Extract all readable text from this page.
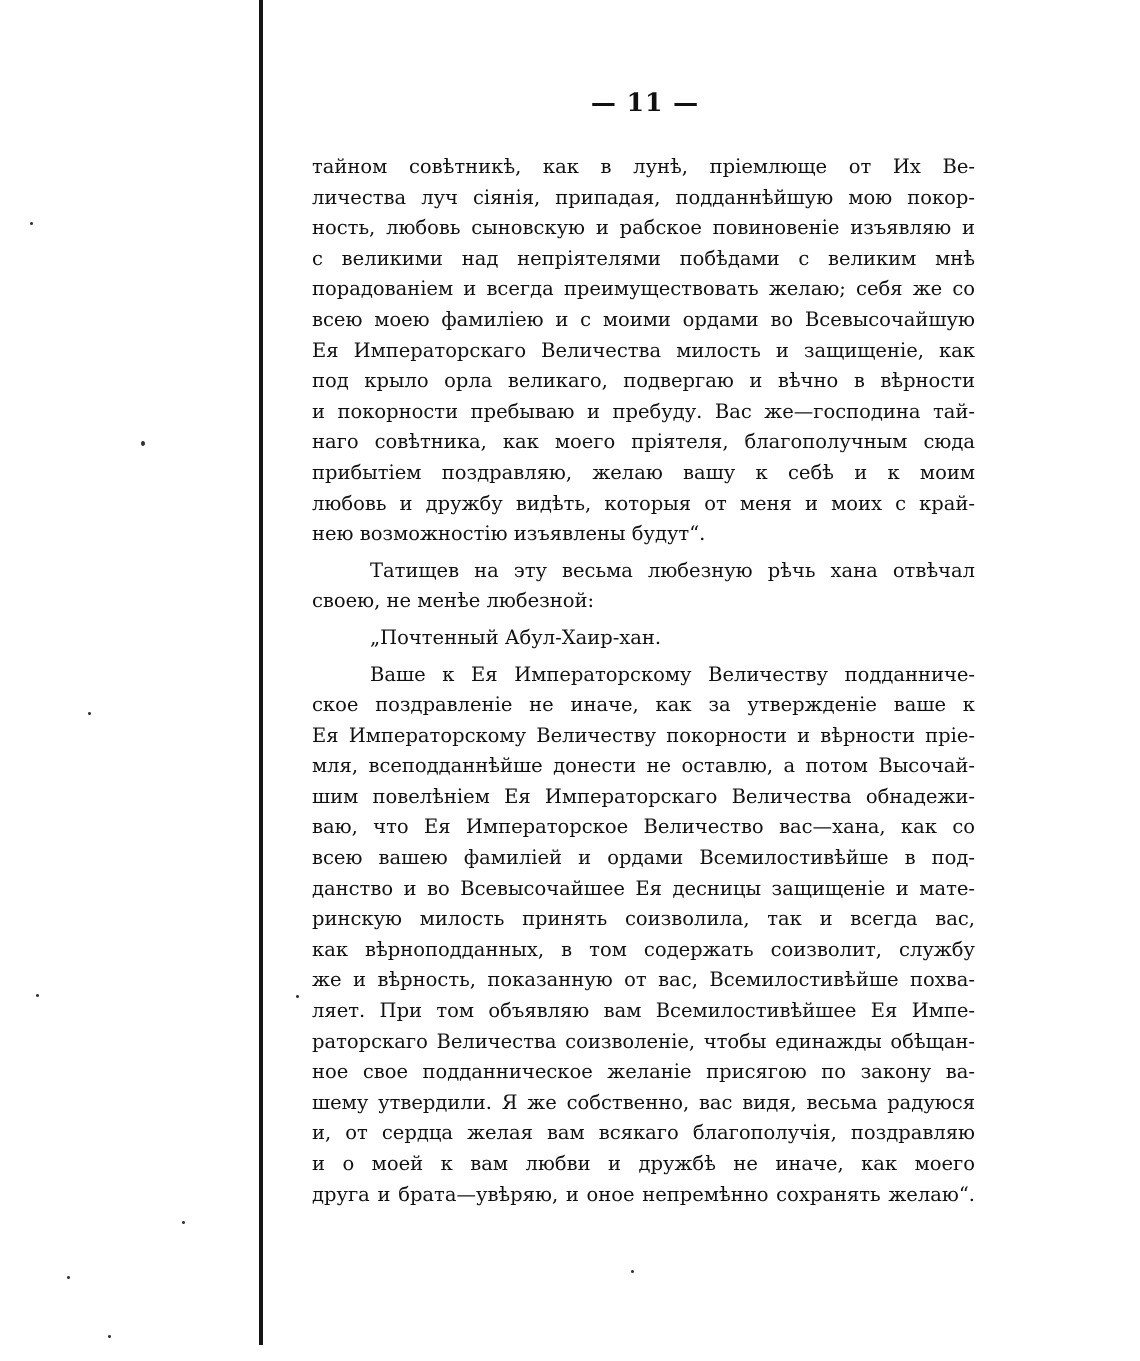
— 11 —
тайном совѣтникѣ, как в лунѣ, пріемлюще от Их Ве-
личества луч сіянія, припадая, подданнѣйшую мою покор-
ность, любовь сыновскую и рабское повиновеніе изъявляю и
с великими над непріятелями побѣдами с великим мнѣ
порадованіем и всегда преимуществовать желаю; себя же со
всею моею фамиліею и с моими ордами во Всевысочайшую
Ея Императорскаго Величества милость и защищеніе, как
под крыло орла великаго, подвергаю и вѣчно в вѣрности
и покорности пребываю и пребуду. Вас же—господина тай-
наго совѣтника, как моего пріятеля, благополучным сюда
прибытіем поздравляю, желаю вашу к себѣ и к моим
любовь и дружбу видѣть, которыя от меня и моих с край-
нею возможностію изъявлены будут“.
Татищев на эту весьма любезную рѣчь хана отвѣчал
своею, не менѣе любезной:
„Почтенный Абул-Хаир-хан.
Ваше к Ея Императорскому Величеству подданниче-
ское поздравленіе не иначе, как за утвержденіе ваше к
Ея Императорскому Величеству покорности и вѣрности пріе-
мля, всеподданнѣйше донести не оставлю, а потом Высочай-
шим повелѣніем Ея Императорскаго Величества обнадежи-
ваю, что Ея Императорское Величество вас—хана, как со
всею вашею фамиліей и ордами Всемилостивѣйше в под-
данство и во Всевысочайшее Ея десницы защищеніе и мате-
ринскую милость принять соизволила, так и всегда вас,
как вѣрноподданных, в том содержать соизволит, службу
же и вѣрность, показанную от вас, Всемилостивѣйше похва-
ляет. При том объявляю вам Всемилостивѣйшее Ея Импе-
раторскаго Величества соизволеніе, чтобы единажды обѣщан-
ное свое подданническое желаніе присягою по закону ва-
шему утвердили. Я же собственно, вас видя, весьма радуюся
и, от сердца желая вам всякаго благополучія, поздравляю
и о моей к вам любви и дружбѣ не иначе, как моего
друга и брата—увѣряю, и оное непремѣнно сохранять желаю“.
